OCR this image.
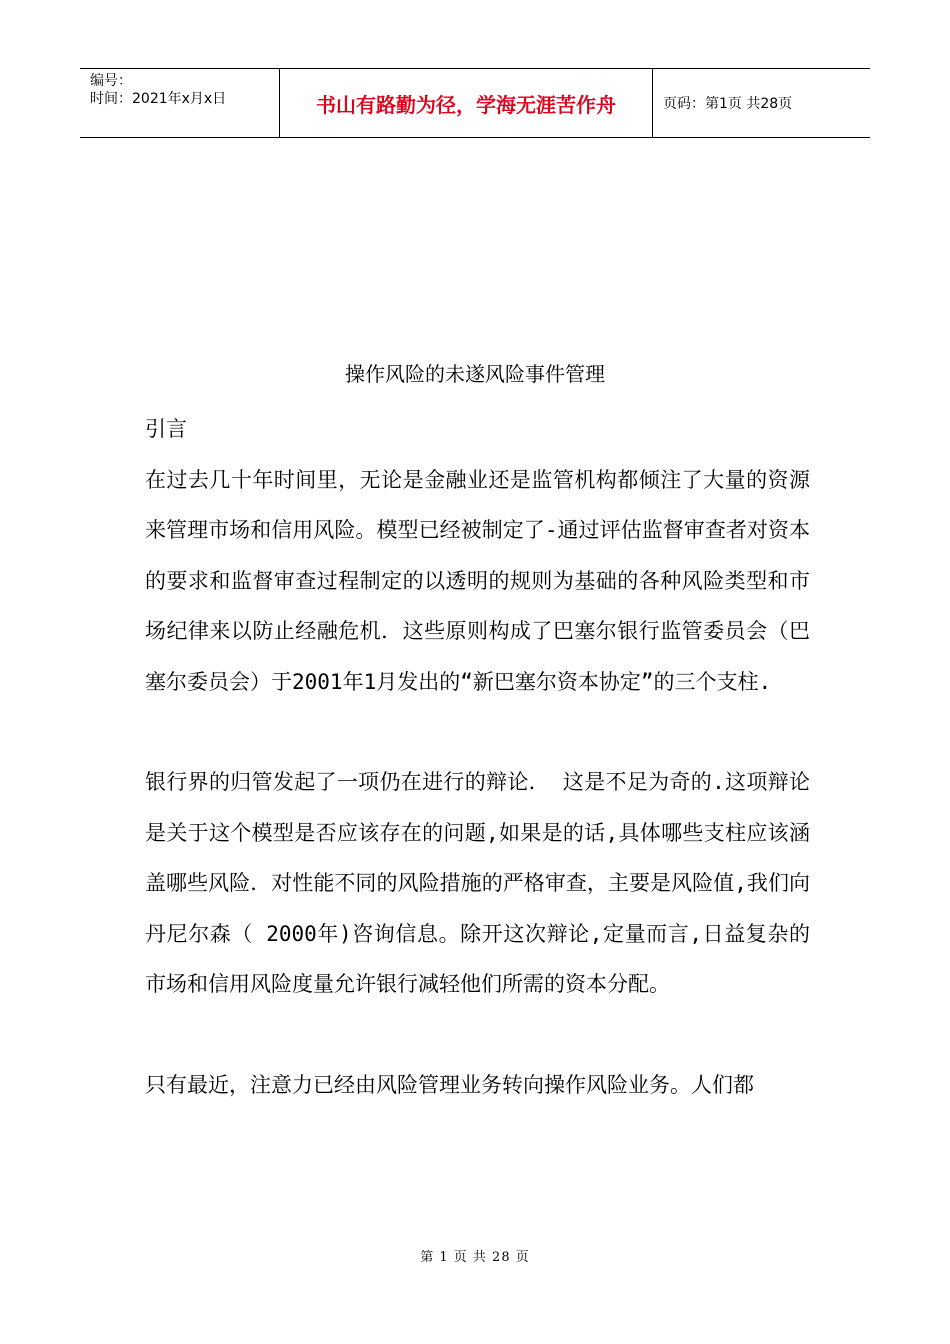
编号：
时间：2021年x月x日	书山有路勤为径，学海无涯苦作舟	页码：第1页 共28页
操作风险的未遂风险事件管理
引言

在过去几十年时间里，无论是金融业还是监管机构都倾注了大量的资源来管理市场和信用风险。模型已经被制定了-通过评估监督审查者对资本的要求和监督审查过程制定的以透明的规则为基础的各种风险类型和市场纪律来以防止经融危机．这些原则构成了巴塞尔银行监管委员会（巴塞尔委员会）于2001年1月发出的“新巴塞尔资本协定”的三个支柱.

银行界的归管发起了一项仍在进行的辩论． 这是不足为奇的.这项辩论是关于这个模型是否应该存在的问题,如果是的话,具体哪些支柱应该涵盖哪些风险．对性能不同的风险措施的严格审查，主要是风险值,我们向丹尼尔森（ 2000年)咨询信息。除开这次辩论,定量而言,日益复杂的市场和信用风险度量允许银行减轻他们所需的资本分配。

只有最近，注意力已经由风险管理业务转向操作风险业务。人们都

第 1 页 共 28 页
